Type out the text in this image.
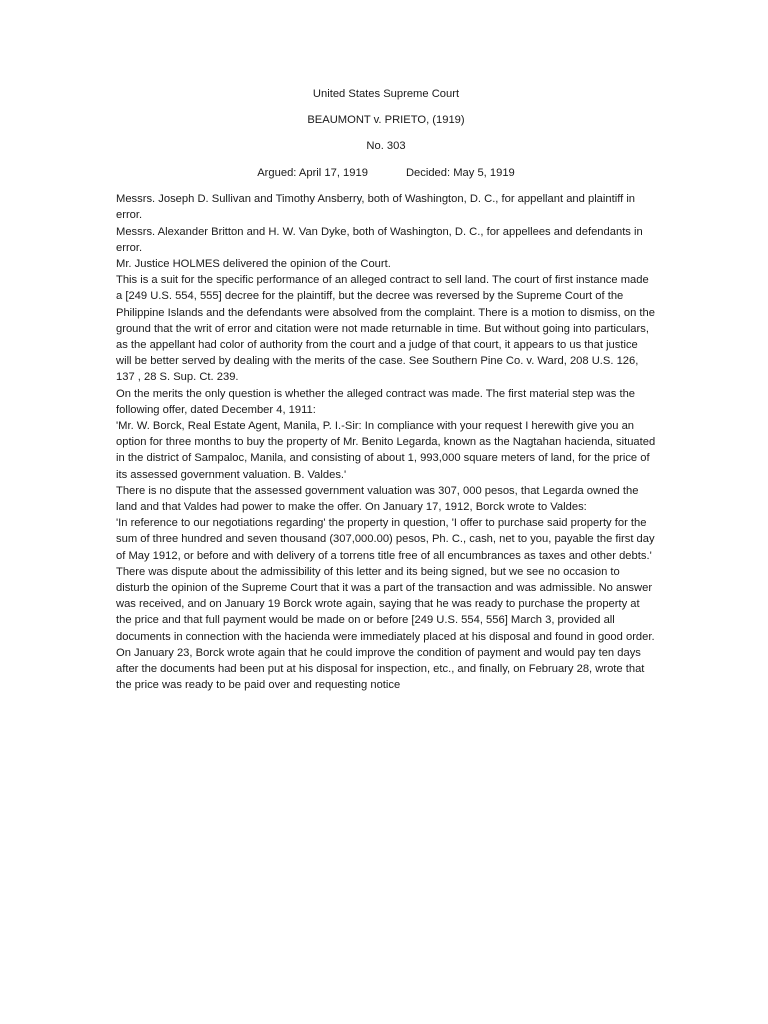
United States Supreme Court

BEAUMONT v. PRIETO, (1919)

No. 303

Argued: April 17, 1919	Decided: May 5, 1919

Messrs. Joseph D. Sullivan and Timothy Ansberry, both of Washington, D. C., for appellant and plaintiff in error.

Messrs. Alexander Britton and H. W. Van Dyke, both of Washington, D. C., for appellees and defendants in error.

Mr. Justice HOLMES delivered the opinion of the Court.

This is a suit for the specific performance of an alleged contract to sell land. The court of first instance made a [249 U.S. 554, 555] decree for the plaintiff, but the decree was reversed by the Supreme Court of the Philippine Islands and the defendants were absolved from the complaint. There is a motion to dismiss, on the ground that the writ of error and citation were not made returnable in time. But without going into particulars, as the appellant had color of authority from the court and a judge of that court, it appears to us that justice will be better served by dealing with the merits of the case. See Southern Pine Co. v. Ward, 208 U.S. 126, 137 , 28 S. Sup. Ct. 239.

On the merits the only question is whether the alleged contract was made. The first material step was the following offer, dated December 4, 1911:

'Mr. W. Borck, Real Estate Agent, Manila, P. I.-Sir: In compliance with your request I herewith give you an option for three months to buy the property of Mr. Benito Legarda, known as the Nagtahan hacienda, situated in the district of Sampaloc, Manila, and consisting of about 1, 993,000 square meters of land, for the price of its assessed government valuation. B. Valdes.'

There is no dispute that the assessed government valuation was 307, 000 pesos, that Legarda owned the land and that Valdes had power to make the offer. On January 17, 1912, Borck wrote to Valdes:

'In reference to our negotiations regarding' the property in question, 'I offer to purchase said property for the sum of three hundred and seven thousand (307,000.00) pesos, Ph. C., cash, net to you, payable the first day of May 1912, or before and with delivery of a torrens title free of all encumbrances as taxes and other debts.'

There was dispute about the admissibility of this letter and its being signed, but we see no occasion to disturb the opinion of the Supreme Court that it was a part of the transaction and was admissible. No answer was received, and on January 19 Borck wrote again, saying that he was ready to purchase the property at the price and that full payment would be made on or before [249 U.S. 554, 556] March 3, provided all documents in connection with the hacienda were immediately placed at his disposal and found in good order. On January 23, Borck wrote again that he could improve the condition of payment and would pay ten days after the documents had been put at his disposal for inspection, etc., and finally, on February 28, wrote that the price was ready to be paid over and requesting notice
